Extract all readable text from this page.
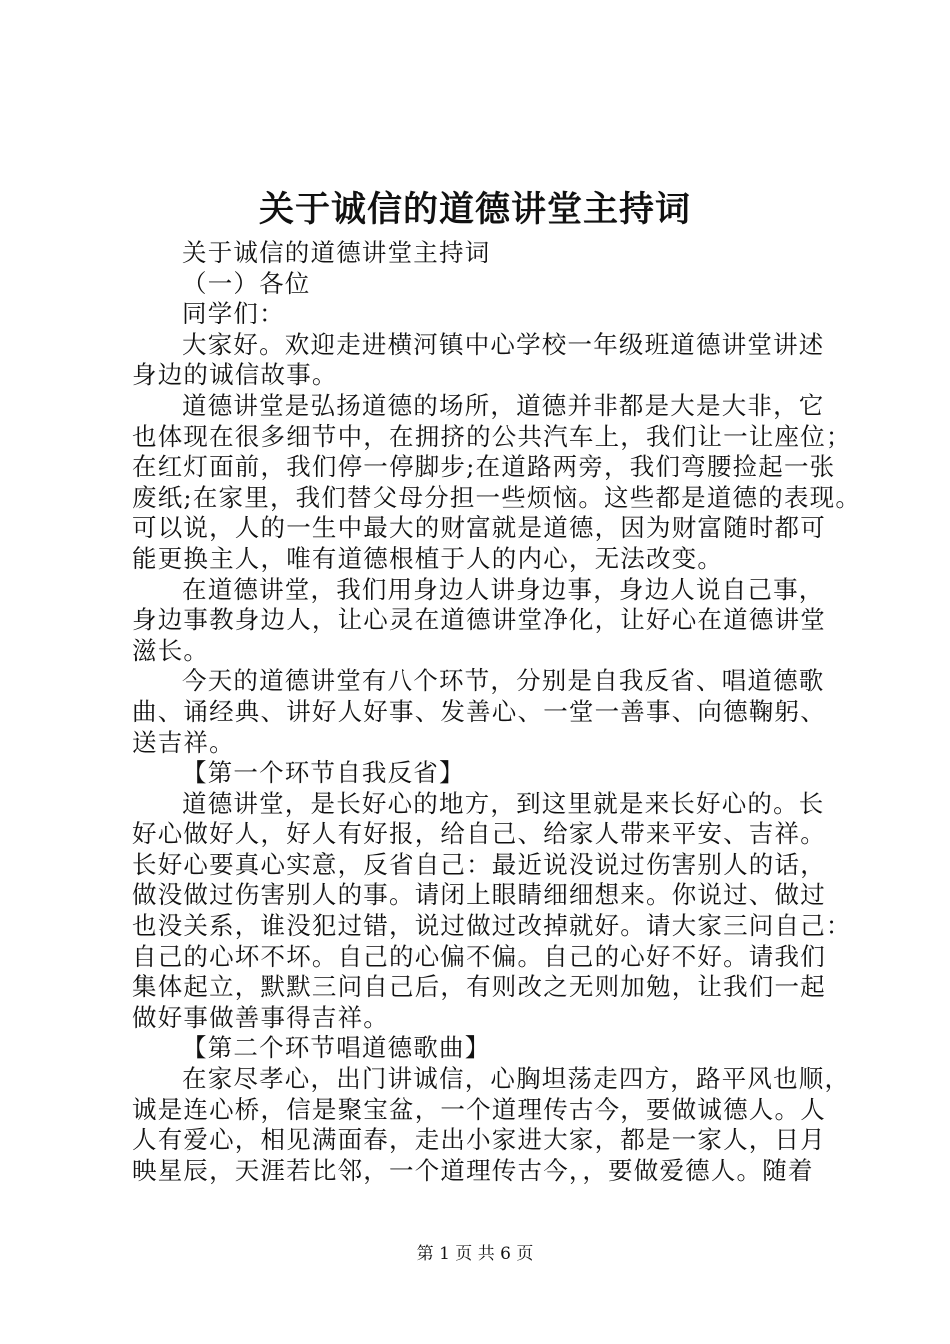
关于诚信的道德讲堂主持词
关于诚信的道德讲堂主持词
（一）各位
同学们：
大家好。欢迎走进横河镇中心学校一年级班道德讲堂讲述
身边的诚信故事。
道德讲堂是弘扬道德的场所，道德并非都是大是大非，它
也体现在很多细节中，在拥挤的公共汽车上，我们让一让座位；
在红灯面前，我们停一停脚步;在道路两旁，我们弯腰捡起一张
废纸;在家里，我们替父母分担一些烦恼。这些都是道德的表现。
可以说，人的一生中最大的财富就是道德，因为财富随时都可
能更换主人，唯有道德根植于人的内心，无法改变。
在道德讲堂，我们用身边人讲身边事，身边人说自己事，
身边事教身边人，让心灵在道德讲堂净化，让好心在道德讲堂
滋长。
今天的道德讲堂有八个环节，分别是自我反省、唱道德歌
曲、诵经典、讲好人好事、发善心、一堂一善事、向德鞠躬、
送吉祥。
【第一个环节自我反省】
道德讲堂，是长好心的地方，到这里就是来长好心的。长
好心做好人，好人有好报，给自己、给家人带来平安、吉祥。
长好心要真心实意，反省自己：最近说没说过伤害别人的话，
做没做过伤害别人的事。请闭上眼睛细细想来。你说过、做过
也没关系，谁没犯过错，说过做过改掉就好。请大家三问自己：
自己的心坏不坏。自己的心偏不偏。自己的心好不好。请我们
集体起立，默默三问自己后，有则改之无则加勉，让我们一起
做好事做善事得吉祥。
【第二个环节唱道德歌曲】
在家尽孝心，出门讲诚信，心胸坦荡走四方，路平风也顺，
诚是连心桥，信是聚宝盆，一个道理传古今，要做诚德人。人
人有爱心，相见满面春，走出小家进大家，都是一家人，日月
映星辰，天涯若比邻，一个道理传古今，，要做爱德人。随着
第 1 页 共 6 页
